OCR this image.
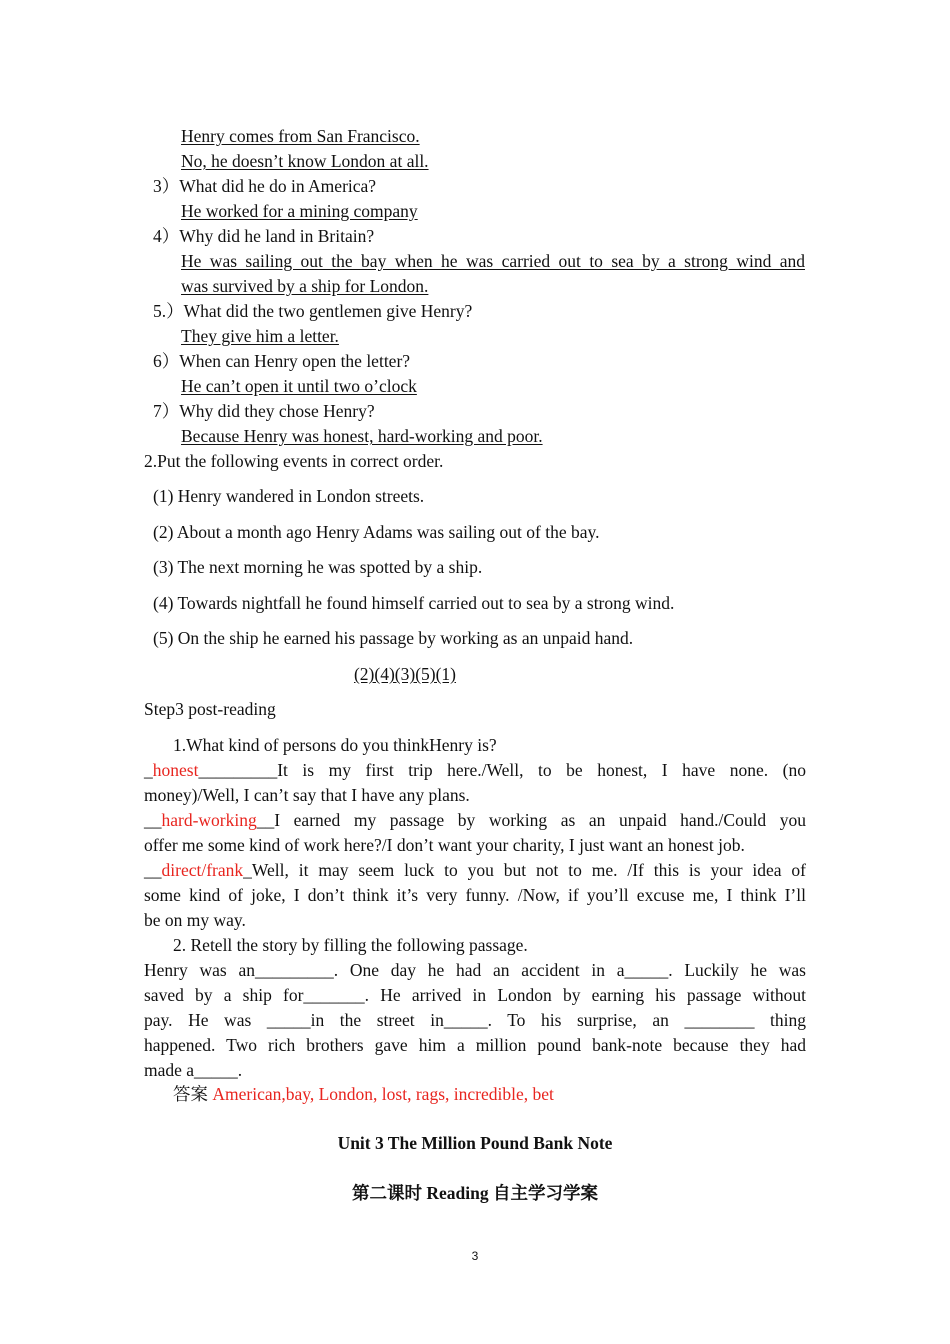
Henry comes from San Francisco.
No, he doesn’t know London at all.
3）What did he do in America?
He worked for a mining company
4）Why did he land in Britain?
He was sailing out the bay when he was carried out to sea by a strong wind and
was survived by a ship for London.
5.）What did the two gentlemen give Henry?
They give him a letter.
6）When can Henry open the letter?
He can’t open it until two o’clock
7）Why did they chose Henry?
Because Henry was honest, hard-working and poor.
2.Put the following events in correct order.
(1) Henry wandered in London streets.
(2) About a month ago Henry Adams was sailing out of the bay.
(3) The next morning he was spotted by a ship.
(4) Towards nightfall he found himself carried out to sea by a strong wind.
(5) On the ship he earned his passage by working as an unpaid hand.
(2)(4)(3)(5)(1)
Step3 post-reading
1.What kind of persons do you thinkHenry is?
_honest_________It is my first trip here./Well, to be honest, I have none. (no
money)/Well, I can’t say that I have any plans.
__hard-working__I earned my passage by working as an unpaid hand./Could you
offer me some kind of work here?/I don’t want your charity, I just want an honest job.
__direct/frank_Well, it may seem luck to you but not to me. /If this is your idea of
some kind of joke, I don’t think it’s very funny. /Now, if you’ll excuse me, I think I’ll
be on my way.
2. Retell the story by filling the following passage.
Henry was an_________. One day he had an accident in a_____. Luckily he was
saved by a ship for_______. He arrived in London by earning his passage without
pay. He was _____in the street in_____. To his surprise, an ________ thing
happened. Two rich brothers gave him a million pound bank-note because they had
made a_____.
答案 American,bay, London, lost, rags, incredible, bet
Unit 3 The Million Pound Bank Note
第二课时 Reading 自主学习学案
3
